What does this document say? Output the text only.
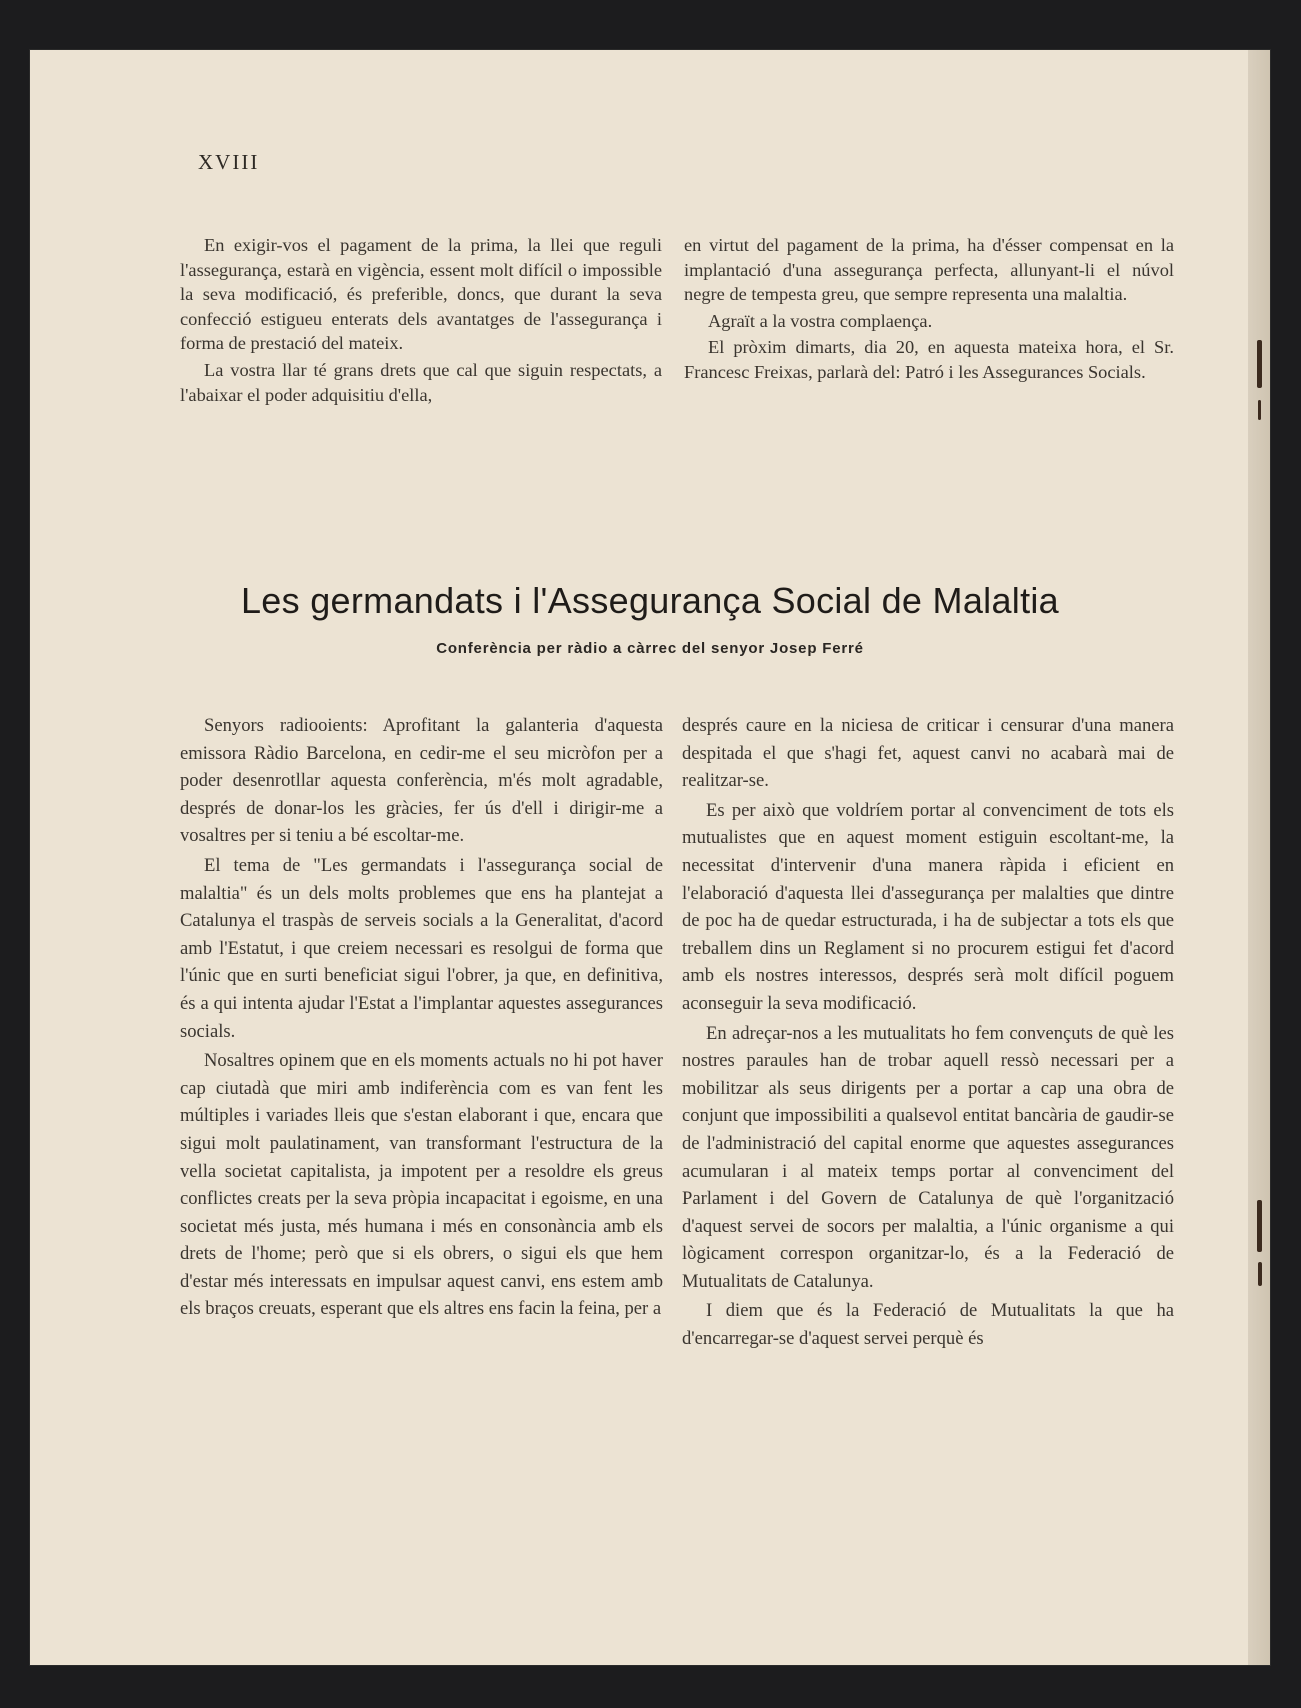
XVIII

En exigir-vos el pagament de la prima, la llei que reguli l'assegurança, estarà en vigència, essent molt difícil o impossible la seva modificació, és preferible, doncs, que durant la seva confecció estigueu enterats dels avantatges de l'assegurança i forma de prestació del mateix.

La vostra llar té grans drets que cal que siguin respectats, a l'abaixar el poder adquisitiu d'ella,

en virtut del pagament de la prima, ha d'ésser compensat en la implantació d'una assegurança perfecta, allunyant-li el núvol negre de tempesta greu, que sempre representa una malaltia.

Agraït a la vostra complaença.

El pròxim dimarts, dia 20, en aquesta mateixa hora, el Sr. Francesc Freixas, parlarà del: Patró i les Assegurances Socials.

Les germandats i l'Assegurança Social de Malaltia
Conferència per ràdio a càrrec del senyor Josep Ferré

Senyors radiooients: Aprofitant la galanteria d'aquesta emissora Ràdio Barcelona, en cedir-me el seu micròfon per a poder desenrotllar aquesta conferència, m'és molt agradable, després de donar-los les gràcies, fer ús d'ell i dirigir-me a vosaltres per si teniu a bé escoltar-me.

El tema de "Les germandats i l'assegurança social de malaltia" és un dels molts problemes que ens ha plantejat a Catalunya el traspàs de serveis socials a la Generalitat, d'acord amb l'Estatut, i que creiem necessari es resolgui de forma que l'únic que en surti beneficiat sigui l'obrer, ja que, en definitiva, és a qui intenta ajudar l'Estat a l'implantar aquestes assegurances socials.

Nosaltres opinem que en els moments actuals no hi pot haver cap ciutadà que miri amb indiferència com es van fent les múltiples i variades lleis que s'estan elaborant i que, encara que sigui molt paulatinament, van transformant l'estructura de la vella societat capitalista, ja impotent per a resoldre els greus conflictes creats per la seva pròpia incapacitat i egoisme, en una societat més justa, més humana i més en consonància amb els drets de l'home; però que si els obrers, o sigui els que hem d'estar més interessats en impulsar aquest canvi, ens estem amb els braços creuats, esperant que els altres ens facin la feina, per a

després caure en la niciesa de criticar i censurar d'una manera despitada el que s'hagi fet, aquest canvi no acabarà mai de realitzar-se.

Es per això que voldríem portar al convenciment de tots els mutualistes que en aquest moment estiguin escoltant-me, la necessitat d'intervenir d'una manera ràpida i eficient en l'elaboració d'aquesta llei d'assegurança per malalties que dintre de poc ha de quedar estructurada, i ha de subjectar a tots els que treballem dins un Reglament si no procurem estigui fet d'acord amb els nostres interessos, després serà molt difícil poguem aconseguir la seva modificació.

En adreçar-nos a les mutualitats ho fem convençuts de què les nostres paraules han de trobar aquell ressò necessari per a mobilitzar als seus dirigents per a portar a cap una obra de conjunt que impossibiliti a qualsevol entitat bancària de gaudir-se de l'administració del capital enorme que aquestes assegurances acumularan i al mateix temps portar al convenciment del Parlament i del Govern de Catalunya de què l'organització d'aquest servei de socors per malaltia, a l'únic organisme a qui lògicament correspon organitzar-lo, és a la Federació de Mutualitats de Catalunya.

I diem que és la Federació de Mutualitats la que ha d'encarregar-se d'aquest servei perquè és
